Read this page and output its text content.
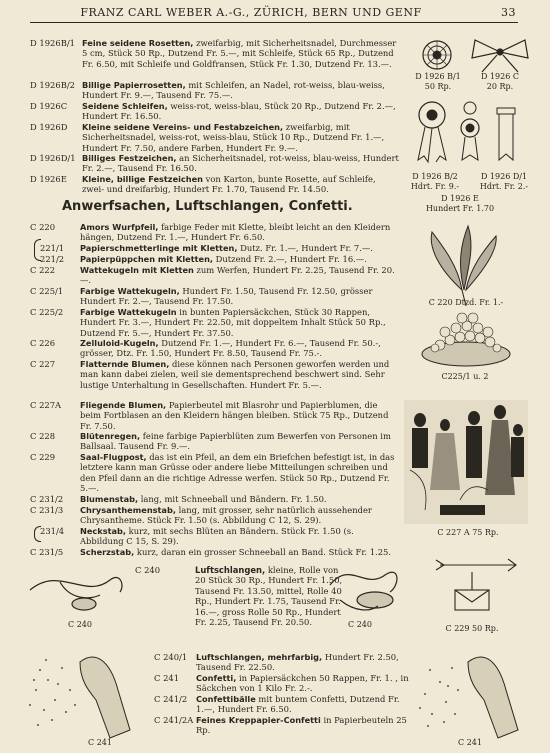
FRANZ CARL WEBER A.-G., ZÜRICH, BERN UND GENF	33
D 1926B/1 Feine seidene Rosetten, zweifarbig, mit Sicherheitsnadel, Durchmesser 5 cm, Stück 50 Rp., Dutzend Fr. 5.—, mit Schleife, Stück 65 Rp., Dutzend Fr. 6.50, mit Schleife und Goldfransen, Stück Fr. 1.30, Dutzend Fr. 13.—.
D 1926B/2 Billige Papierrosetten, mit Schleifen, an Nadel, rot-weiss, blau-weiss, Hundert Fr. 9.—, Tausend Fr. 75.—.
D 1926C Seidene Schleifen, weiss-rot, weiss-blau, Stück 20 Rp., Dutzend Fr. 2.—, Hundert Fr. 16.50.
D 1926D Kleine seidene Vereins- und Festabzeichen, zweifarbig, mit Sicherheitsnadel, weiss-rot, weiss-blau, Stück 10 Rp., Dutzend Fr. 1.—, Hundert Fr. 7.50, andere Farben, Hundert Fr. 9.—.
D 1926D/1 Billiges Festzeichen, an Sicherheitsnadel, rot-weiss, blau-weiss, Hundert Fr. 2.—, Tausend Fr. 16.50.
D 1926E Kleine, billige Festzeichen von Karton, bunte Rosette, auf Schleife, zwei- und dreifarbig, Hundert Fr. 1.70, Tausend Fr. 14.50.
Anwerfsachen, Luftschlangen, Confetti.
C 220	Amors Wurfpfeil, farbige Feder mit Klette, bleibt leicht an den Kleidern hängen, Dutzend Fr. 1.—, Hundert Fr. 6.50.
221/1 Papierschmetterlinge mit Kletten, Dutz. Fr. 1.—, Hundert Fr. 7.—.
221/2 Papierpüppchen mit Kletten, Dutzend Fr. 2.—, Hundert Fr. 16.—.
C 222	Wattekugeln mit Kletten zum Werfen, Hundert Fr. 2.25, Tausend Fr. 20.—.
C 225/1 Farbige Wattekugeln, Hundert Fr. 1.50, Tausend Fr. 12.50, grösser Hundert Fr. 2.—, Tausend Fr. 17.50.
C 225/2 Farbige Wattekugeln in bunten Papiersäckchen, Stück 30 Rappen, Hundert Fr. 3.—, Hundert Fr. 22.50, mit doppeltem Inhalt Stück 50 Rp., Dutzend Fr. 5.—, Hundert Fr. 37.50.
C 226	Zelluloid-Kugeln, Dutzend Fr. 1.—, Hundert Fr. 6.—, Tausend Fr. 50.-, grösser, Dtz. Fr. 1.50, Hundert Fr. 8.50, Tausend Fr. 75.-.
C 227	Flatternde Blumen, diese können nach Personen geworfen werden und man kann dabei zielen, weil sie dementsprechend beschwert sind. Sehr lustige Unterhaltung in Gesellschaften. Hundert Fr. 5.—.
C 227A Fliegende Blumen, Papierbeutel mit Blasrohr und Papierblumen, die beim Fortblasen an den Kleidern hängen bleiben. Stück 75 Rp., Dutzend Fr. 7.50.
C 228	Blütenregen, feine farbige Papierblüten zum Bewerfen von Personen im Ballsaal. Tausend Fr. 9.—.
C 229	Saal-Flugpost, das ist ein Pfeil, an dem ein Briefchen befestigt ist, in das letztere kann man Grüsse oder andere liebe Mitteilungen schreiben und den Pfeil dann an die richtige Adresse werfen. Stück 50 Rp., Dutzend Fr. 5.—.
C 231/2 Blumenstab, lang, mit Schneeball und Bändern. Fr. 1.50.
C 231/3 Chrysanthemenstab, lang, mit grosser, sehr natürlich aussehender Chrysantheme. Stück Fr. 1.50 (s. Abbildung C 12, S. 29).
231/4 Neckstab, kurz, mit sechs Blüten an Bändern. Stück Fr. 1.50 (s. Abbildung C 15, S. 29).
C 231/5 Scherzstab, kurz, daran ein grosser Schneeball an Band. Stück Fr. 1.25.
C 240	Luftschlangen, kleine, Rolle von 20 Stück 30 Rp., Hundert Fr. 1.50, Tausend Fr. 13.50, mittel, Rolle 40 Rp., Hundert Fr. 1.75, Tausend Fr. 16.—, gross Rolle 50 Rp., Hundert Fr. 2.25, Tausend Fr. 20.50.
C 240/1 Luftschlangen, mehrfarbig, Hundert Fr. 2.50, Tausend Fr. 22.50.
C 241 Confetti, in Papiersäckchen 50 Rappen, Fr. 1. , in Säckchen von 1 Kilo Fr. 2.-.
C 241/2 Confettibälle mit buntem Confetti, Dutzend Fr. 1.—, Hundert Fr. 6.50.
C 241/2A Feines Kreppapier-Confetti in Papierbeuteln 25 Rp.
D 1926 B/1
50 Rp.
D 1926 C
20 Rp.
D 1926 B/2
Hdrt. Fr. 9.-
D 1926 D/1
Hdrt. Fr. 2.-
D 1926 E
Hundert Fr. 1.70
C 220 Dtzd. Fr. 1.-
C225/1 u. 2
C 227 A 75 Rp.
C 229 50 Rp.
C 240	C 240
C 241	C 241
